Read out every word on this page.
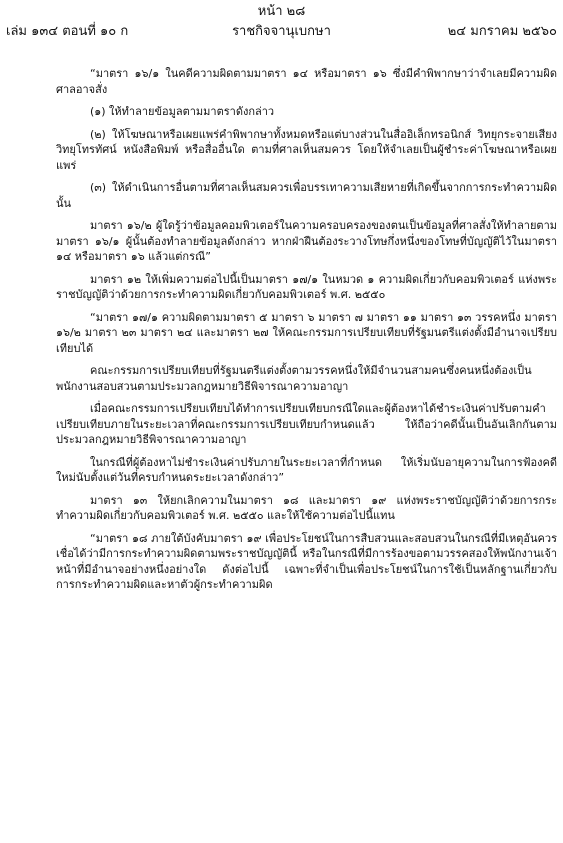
หน้า ๒๘
เล่ม ๑๓๔ ตอนที่ ๑๐ ก	ราชกิจจานุเบกษา	๒๔ มกราคม ๒๕๖๐

“มาตรา ๑๖/๑ ในคดีความผิดตามมาตรา ๑๔ หรือมาตรา ๑๖ ซึ่งมีคำพิพากษาว่าจำเลยมีความผิด ศาลอาจสั่ง

(๑) ให้ทำลายข้อมูลตามมาตราดังกล่าว

(๒) ให้โฆษณาหรือเผยแพร่คำพิพากษาทั้งหมดหรือแต่บางส่วนในสื่ออิเล็กทรอนิกส์ วิทยุกระจายเสียง วิทยุโทรทัศน์ หนังสือพิมพ์ หรือสื่ออื่นใด ตามที่ศาลเห็นสมควร โดยให้จำเลยเป็นผู้ชำระค่าโฆษณาหรือเผยแพร่

(๓) ให้ดำเนินการอื่นตามที่ศาลเห็นสมควรเพื่อบรรเทาความเสียหายที่เกิดขึ้นจากการกระทำความผิดนั้น

มาตรา ๑๖/๒ ผู้ใดรู้ว่าข้อมูลคอมพิวเตอร์ในความครอบครองของตนเป็นข้อมูลที่ศาลสั่งให้ทำลายตามมาตรา ๑๖/๑ ผู้นั้นต้องทำลายข้อมูลดังกล่าว หากฝ่าฝืนต้องระวางโทษกึ่งหนึ่งของโทษที่บัญญัติไว้ในมาตรา ๑๔ หรือมาตรา ๑๖ แล้วแต่กรณี”

มาตรา ๑๒ ให้เพิ่มความต่อไปนี้เป็นมาตรา ๑๗/๑ ในหมวด ๑ ความผิดเกี่ยวกับคอมพิวเตอร์ แห่งพระราชบัญญัติว่าด้วยการกระทำความผิดเกี่ยวกับคอมพิวเตอร์ พ.ศ. ๒๕๕๐

“มาตรา ๑๗/๑ ความผิดตามมาตรา ๕ มาตรา ๖ มาตรา ๗ มาตรา ๑๑ มาตรา ๑๓ วรรคหนึ่ง มาตรา ๑๖/๒ มาตรา ๒๓ มาตรา ๒๔ และมาตรา ๒๗ ให้คณะกรรมการเปรียบเทียบที่รัฐมนตรีแต่งตั้งมีอำนาจเปรียบเทียบได้

คณะกรรมการเปรียบเทียบที่รัฐมนตรีแต่งตั้งตามวรรคหนึ่งให้มีจำนวนสามคนซึ่งคนหนึ่งต้องเป็นพนักงานสอบสวนตามประมวลกฎหมายวิธีพิจารณาความอาญา

เมื่อคณะกรรมการเปรียบเทียบได้ทำการเปรียบเทียบกรณีใดและผู้ต้องหาได้ชำระเงินค่าปรับตามคำเปรียบเทียบภายในระยะเวลาที่คณะกรรมการเปรียบเทียบกำหนดแล้ว ให้ถือว่าคดีนั้นเป็นอันเลิกกันตามประมวลกฎหมายวิธีพิจารณาความอาญา

ในกรณีที่ผู้ต้องหาไม่ชำระเงินค่าปรับภายในระยะเวลาที่กำหนด ให้เริ่มนับอายุความในการฟ้องคดีใหม่นับตั้งแต่วันที่ครบกำหนดระยะเวลาดังกล่าว”

มาตรา ๑๓ ให้ยกเลิกความในมาตรา ๑๘ และมาตรา ๑๙ แห่งพระราชบัญญัติว่าด้วยการกระทำความผิดเกี่ยวกับคอมพิวเตอร์ พ.ศ. ๒๕๕๐ และให้ใช้ความต่อไปนี้แทน

“มาตรา ๑๘ ภายใต้บังคับมาตรา ๑๙ เพื่อประโยชน์ในการสืบสวนและสอบสวนในกรณีที่มีเหตุอันควรเชื่อได้ว่ามีการกระทำความผิดตามพระราชบัญญัตินี้ หรือในกรณีที่มีการร้องขอตามวรรคสองให้พนักงานเจ้าหน้าที่มีอำนาจอย่างหนึ่งอย่างใด ดังต่อไปนี้ เฉพาะที่จำเป็นเพื่อประโยชน์ในการใช้เป็นหลักฐานเกี่ยวกับการกระทำความผิดและหาตัวผู้กระทำความผิด
